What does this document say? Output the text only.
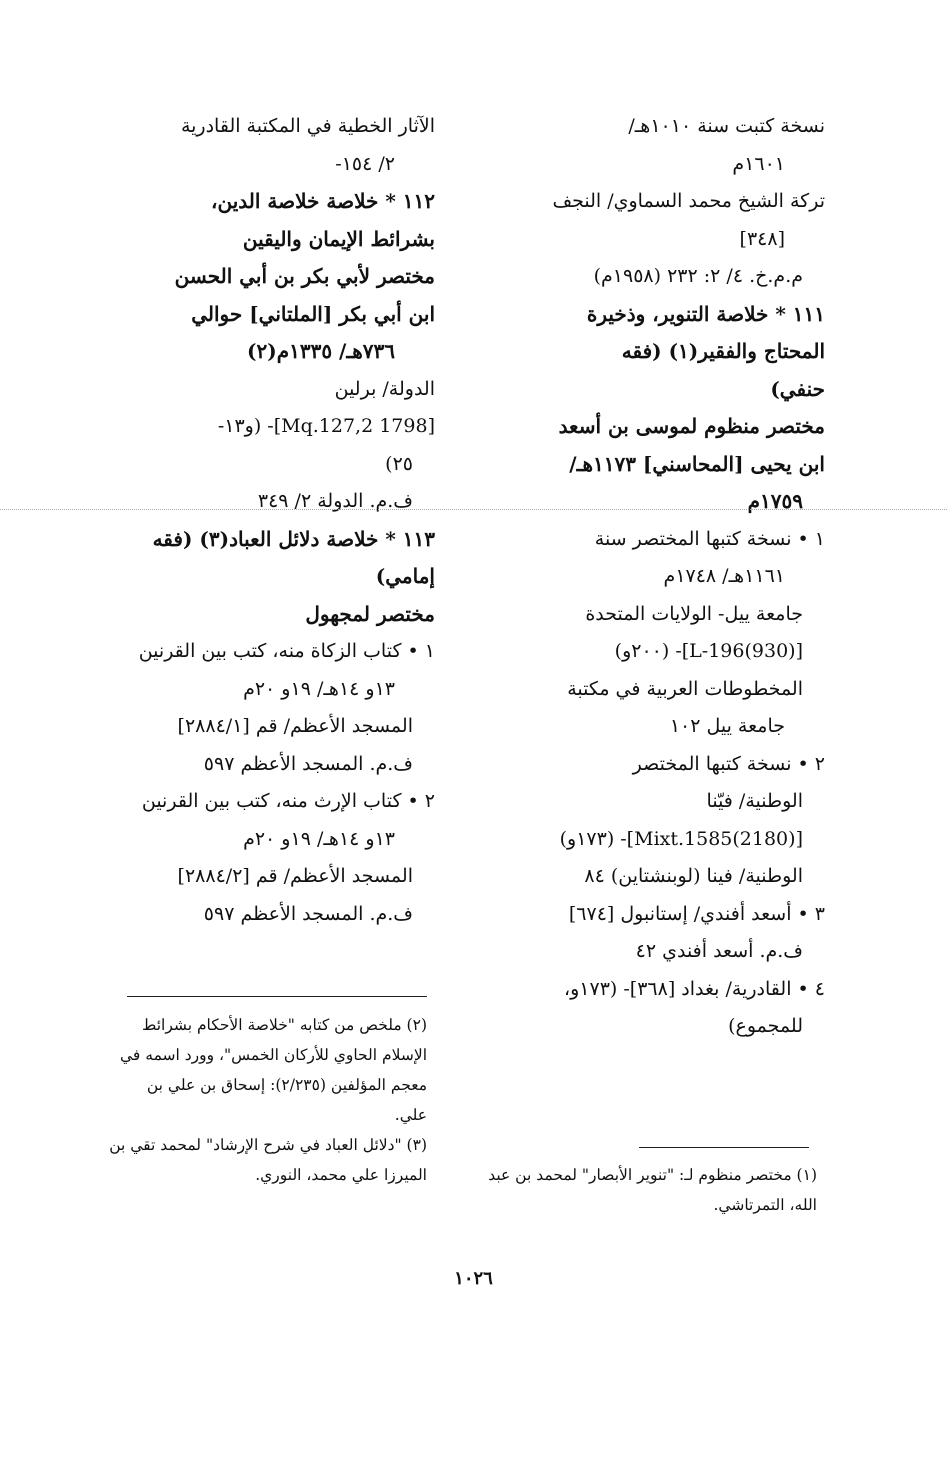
نسخة كتبت سنة ١٠١٠هـ/
١٦٠١م
تركة الشيخ محمد السماوي/ النجف
[٣٤٨]
م.م.خ. ٤/ ٢: ٢٣٢ (١٩٥٨م)
١١١ * خلاصة التنوير، وذخيرة
المحتاج والفقير(١) (فقه
حنفي)
مختصر منظوم لموسى بن أسعد
ابن يحيى [المحاسني] ١١٧٣هـ/
١٧٥٩م
١ • نسخة كتبها المختصر سنة
١١٦١هـ/ ١٧٤٨م
جامعة ييل- الولايات المتحدة
[L-196(930)]- (٢٠٠و)
المخطوطات العربية في مكتبة
جامعة ييل ١٠٢
٢ • نسخة كتبها المختصر
الوطنية/ فيّنا
[Mixt.1585(2180)]- (١٧٣و)
الوطنية/ فينا (لوبنشتاين) ٨٤
٣ • أسعد أفندي/ إستانبول [٦٧٤]
ف.م. أسعد أفندي ٤٢
٤ • القادرية/ بغداد [٣٦٨]- (١٧٣و،
للمجموع)
الآثار الخطية في المكتبة القادرية
٢/ ١٥٤-
١١٢ * خلاصة خلاصة الدين،
بشرائط الإيمان واليقين
مختصر لأبي بكر بن أبي الحسن
ابن أبي بكر [الملتاني] حوالي
٧٣٦هـ/ ١٣٣٥م(٢)
الدولة/ برلين
[Mq.127,2 1798]- (و١٣-
٢٥)
ف.م. الدولة ٢/ ٣٤٩
١١٣ * خلاصة دلائل العباد(٣) (فقه
إمامي)
مختصر لمجهول
١ • كتاب الزكاة منه، كتب بين القرنين
١٣و ١٤هـ/ ١٩و ٢٠م
المسجد الأعظم/ قم [٢٨٨٤/١]
ف.م. المسجد الأعظم ٥٩٧
٢ • كتاب الإرث منه، كتب بين القرنين
١٣و ١٤هـ/ ١٩و ٢٠م
المسجد الأعظم/ قم [٢٨٨٤/٢]
ف.م. المسجد الأعظم ٥٩٧
(٢) ملخص من كتابه "خلاصة الأحكام بشرائط
الإسلام الحاوي للأركان الخمس"، وورد اسمه في
معجم المؤلفين (٢/٢٣٥): إسحاق بن علي بن
علي.
(٣) "دلائل العباد في شرح الإرشاد" لمحمد تقي بن
الميرزا علي محمد، النوري.	(١) مختصر منظوم لـ: "تنوير الأبصار" لمحمد بن عبد
الله، التمرتاشي.
١٠٢٦
